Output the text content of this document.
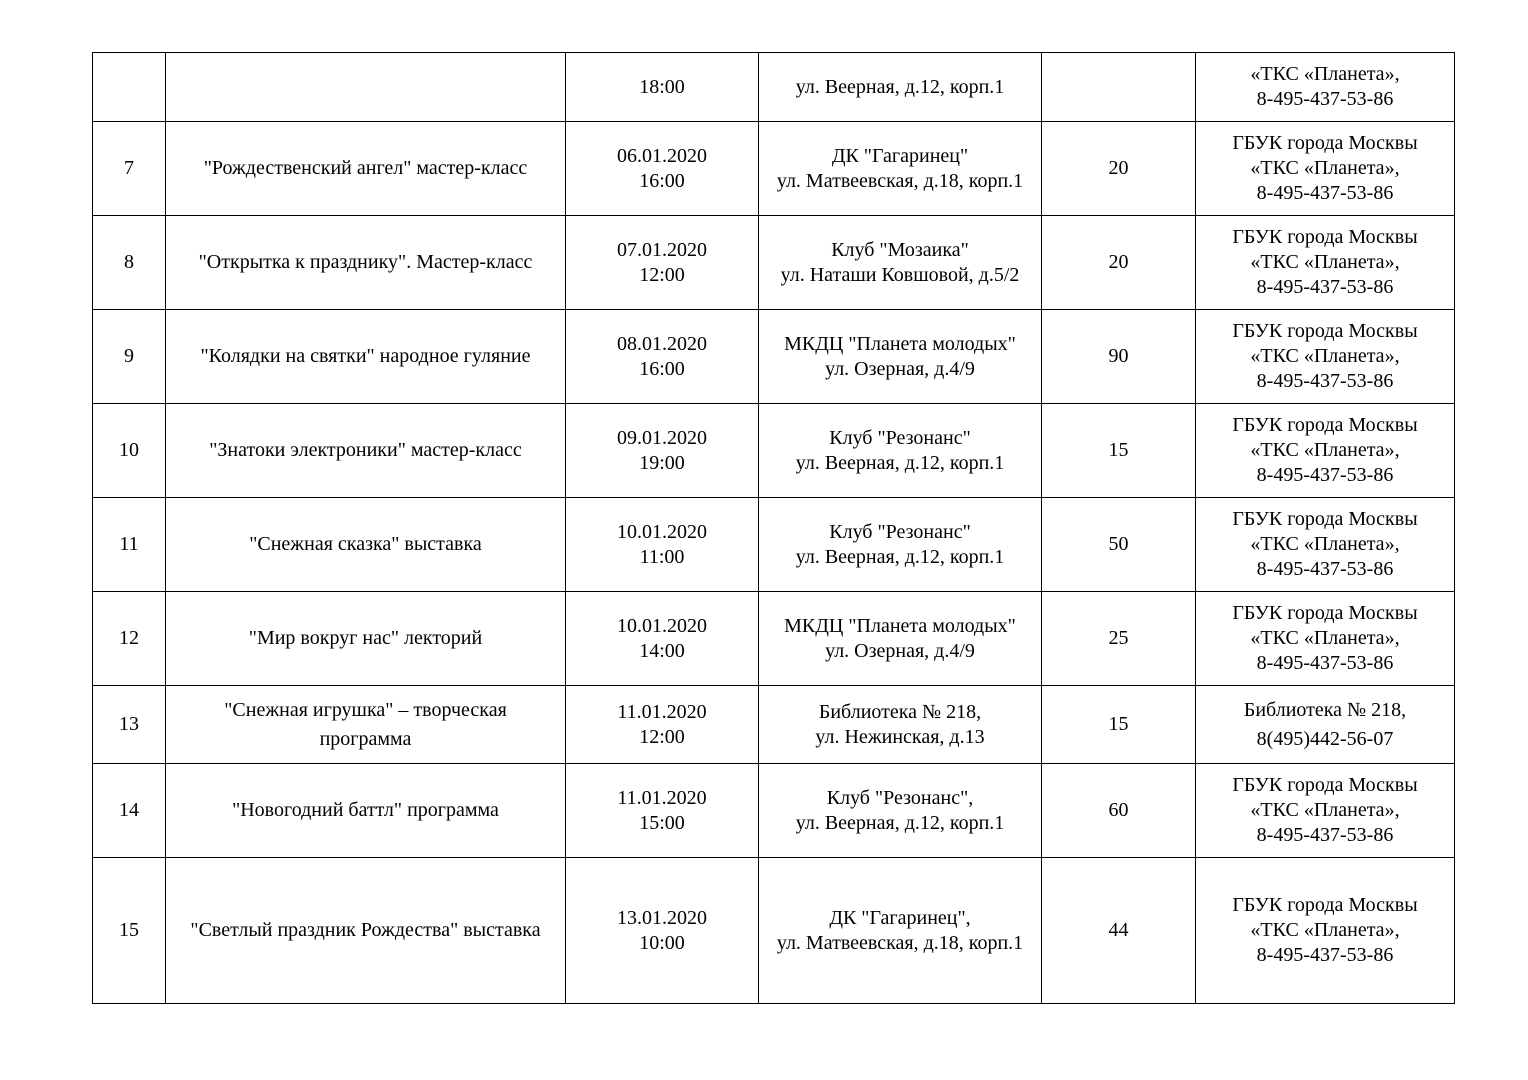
		18:00	ул. Веерная, д.12, корп.1		«ТКС «Планета»,
8-495-437-53-86
7	"Рождественский ангел" мастер-класс	06.01.2020
16:00	ДК "Гагаринец"
ул. Матвеевская, д.18, корп.1	20	ГБУК города Москвы
«ТКС «Планета»,
8-495-437-53-86
8	"Открытка к празднику". Мастер-класс	07.01.2020
12:00	Клуб "Мозаика"
ул. Наташи Ковшовой, д.5/2	20	ГБУК города Москвы
«ТКС «Планета»,
8-495-437-53-86
9	"Колядки на святки" народное гуляние	08.01.2020
16:00	МКДЦ "Планета молодых"
ул. Озерная, д.4/9	90	ГБУК города Москвы
«ТКС «Планета»,
8-495-437-53-86
10	"Знатоки электроники" мастер-класс	09.01.2020
19:00	Клуб "Резонанс"
ул. Веерная, д.12, корп.1	15	ГБУК города Москвы
«ТКС «Планета»,
8-495-437-53-86
11	"Снежная сказка" выставка	10.01.2020
11:00	Клуб "Резонанс"
ул. Веерная, д.12, корп.1	50	ГБУК города Москвы
«ТКС «Планета»,
8-495-437-53-86
12	"Мир вокруг нас" лекторий	10.01.2020
14:00	МКДЦ "Планета молодых"
ул. Озерная, д.4/9	25	ГБУК города Москвы
«ТКС «Планета»,
8-495-437-53-86
13	"Снежная игрушка" – творческая
программа	11.01.2020
12:00	Библиотека № 218,
ул. Нежинская, д.13	15	Библиотека № 218,
8(495)442-56-07
14	"Новогодний баттл" программа	11.01.2020
15:00	Клуб "Резонанс",
ул. Веерная, д.12, корп.1	60	ГБУК города Москвы
«ТКС «Планета»,
8-495-437-53-86
15	"Светлый праздник Рождества" выставка	13.01.2020
10:00	ДК "Гагаринец",
ул. Матвеевская, д.18, корп.1	44	ГБУК города Москвы
«ТКС «Планета»,
8-495-437-53-86
